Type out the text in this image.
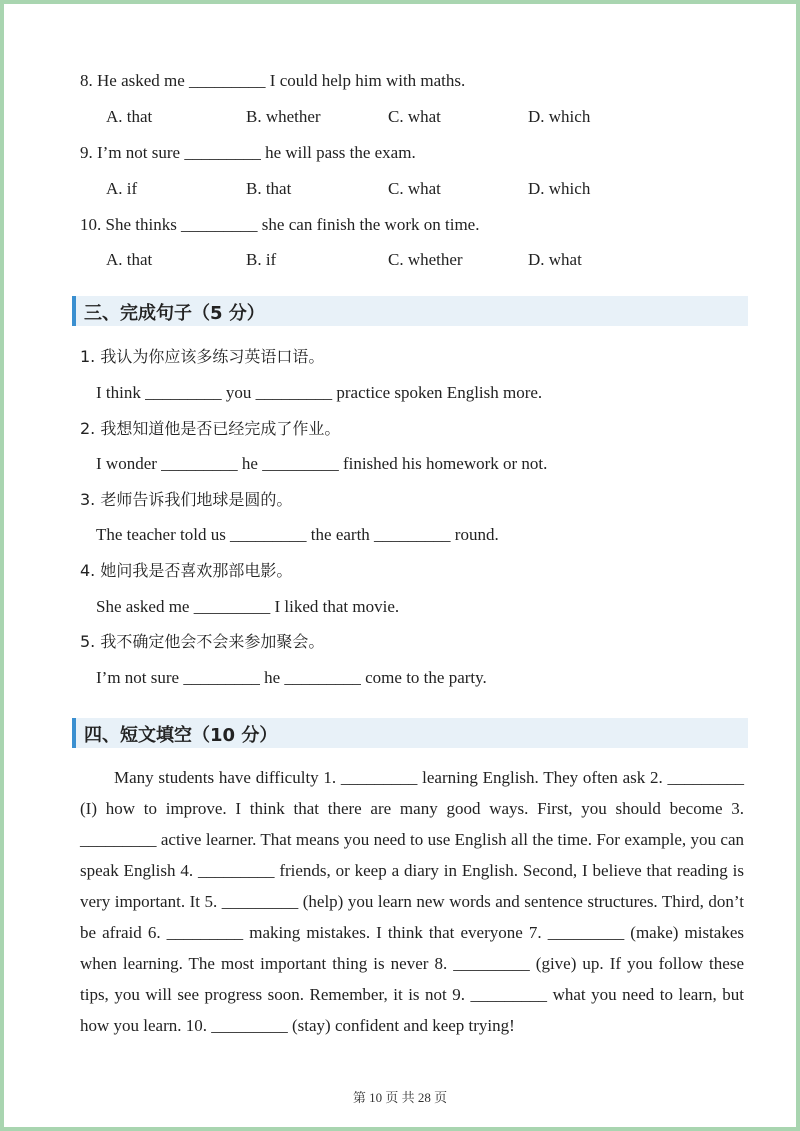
8. He asked me _________ I could help him with maths.
A. that	B. whether	C. what	D. which
9. I’m not sure _________ he will pass the exam.
A. if	B. that	C. what	D. which
10. She thinks _________ she can finish the work on time.
A. that	B. if	C. whether	D. what
三、完成句子（5 分）
1. 我认为你应该多练习英语口语。
I think _________ you _________ practice spoken English more.
2. 我想知道他是否已经完成了作业。
I wonder _________ he _________ finished his homework or not.
3. 老师告诉我们地球是圆的。
The teacher told us _________ the earth _________ round.
4. 她问我是否喜欢那部电影。
She asked me _________ I liked that movie.
5. 我不确定他会不会来参加聚会。
I’m not sure _________ he _________ come to the party.
四、短文填空（10 分）

Many students have difficulty 1. _________ learning English. They often ask 2. _________ (I) how to improve. I think that there are many good ways. First, you should become 3. _________ active learner. That means you need to use English all the time. For example, you can speak English 4. _________ friends, or keep a diary in English. Second, I believe that reading is very important. It 5. _________ (help) you learn new words and sentence structures. Third, don’t be afraid 6. _________ making mistakes. I think that everyone 7. _________ (make) mistakes when learning. The most important thing is never 8. _________ (give) up. If you follow these tips, you will see progress soon. Remember, it is not 9. _________ what you need to learn, but how you learn. 10. _________ (stay) confident and keep trying!

第 10 页 共 28 页
